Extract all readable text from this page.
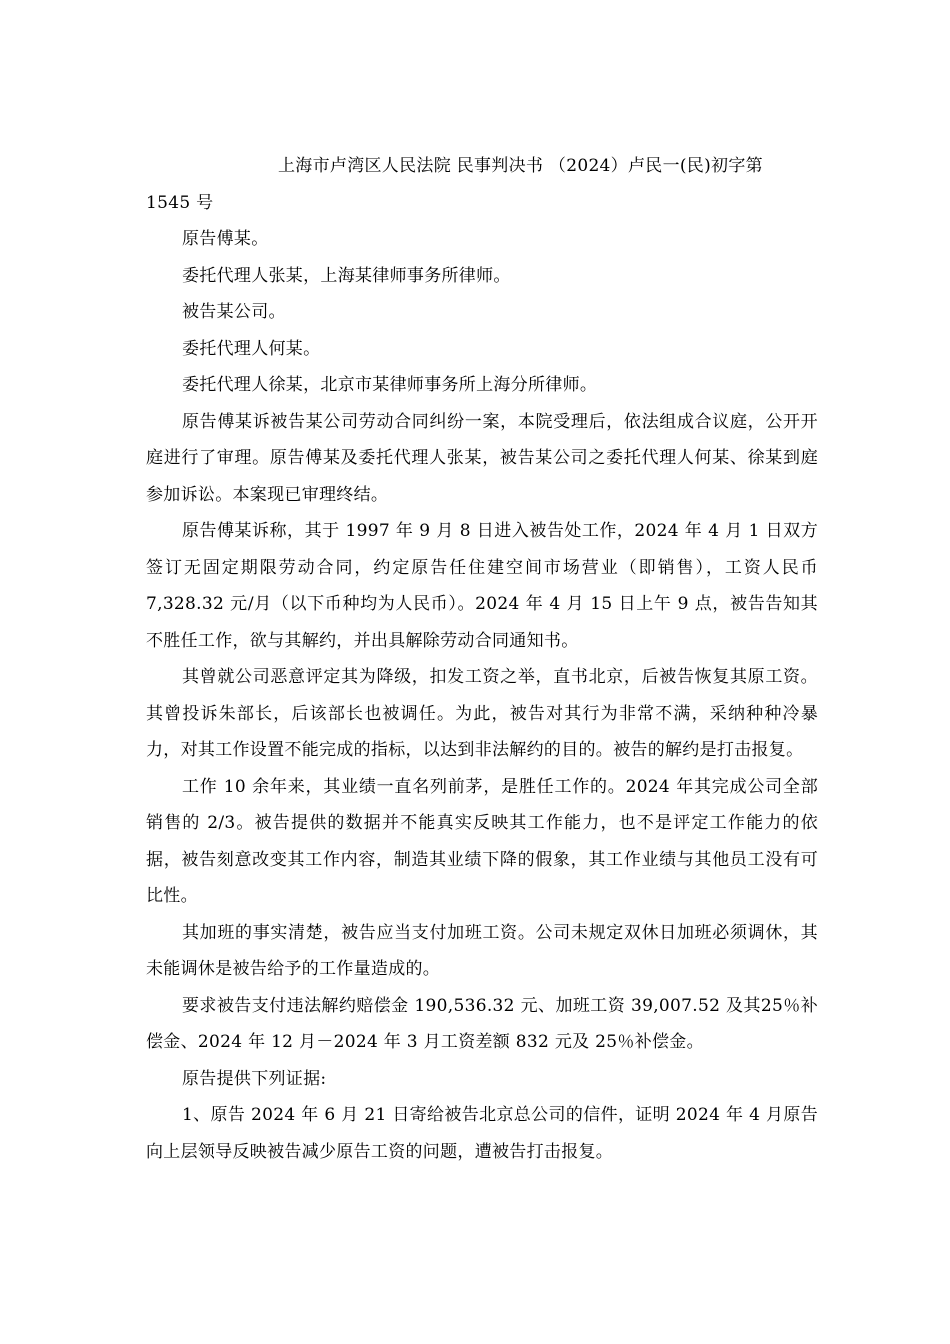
上海市卢湾区人民法院 民事判决书 （2024）卢民一(民)初字第

1545 号

原告傅某。

委托代理人张某，上海某律师事务所律师。

被告某公司。

委托代理人何某。

委托代理人徐某，北京市某律师事务所上海分所律师。

原告傅某诉被告某公司劳动合同纠纷一案，本院受理后，依法组成合议庭，公开开庭进行了审理。原告傅某及委托代理人张某，被告某公司之委托代理人何某、徐某到庭参加诉讼。本案现已审理终结。

原告傅某诉称，其于 1997 年 9 月 8 日进入被告处工作，2024 年 4 月 1 日双方签订无固定期限劳动合同，约定原告任住建空间市场营业（即销售），工资人民币 7,328.32 元/月（以下币种均为人民币）。2024 年 4 月 15 日上午 9 点，被告告知其不胜任工作，欲与其解约，并出具解除劳动合同通知书。

其曾就公司恶意评定其为降级，扣发工资之举，直书北京，后被告恢复其原工资。其曾投诉朱部长，后该部长也被调任。为此，被告对其行为非常不满，采纳种种冷暴力，对其工作设置不能完成的指标，以达到非法解约的目的。被告的解约是打击报复。

工作 10 余年来，其业绩一直名列前茅，是胜任工作的。2024 年其完成公司全部销售的 2/3。被告提供的数据并不能真实反映其工作能力，也不是评定工作能力的依据，被告刻意改变其工作内容，制造其业绩下降的假象，其工作业绩与其他员工没有可比性。

其加班的事实清楚，被告应当支付加班工资。公司未规定双休日加班必须调休，其未能调休是被告给予的工作量造成的。

要求被告支付违法解约赔偿金 190,536.32 元、加班工资 39,007.52 及其25％补偿金、2024 年 12 月－2024 年 3 月工资差额 832 元及 25％补偿金。

原告提供下列证据:

1、原告 2024 年 6 月 21 日寄给被告北京总公司的信件，证明 2024 年 4 月原告向上层领导反映被告减少原告工资的问题，遭被告打击报复。
